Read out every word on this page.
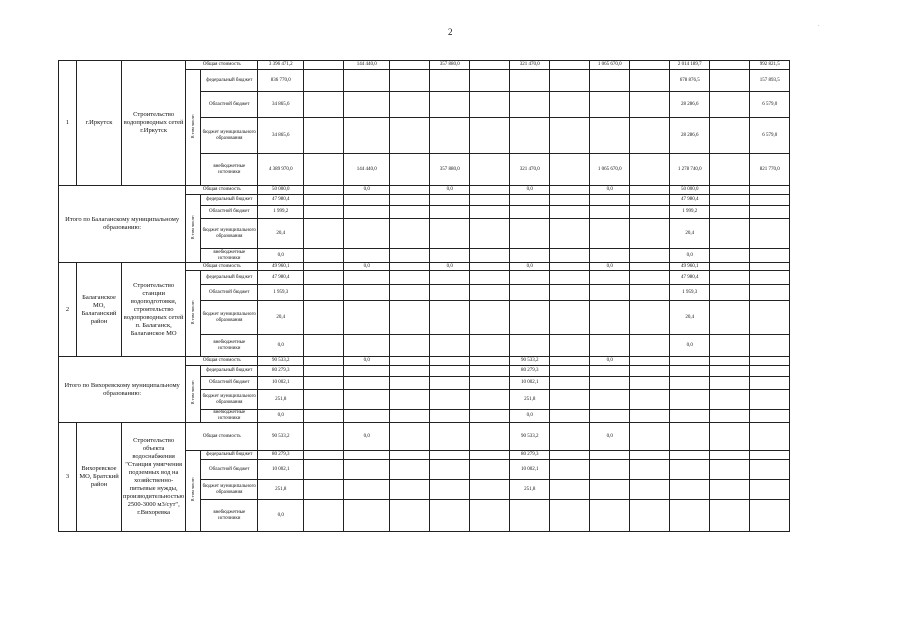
2
.
1	г.Иркутск	Строительство водопроводных сетей г.Иркутск	Общая стоимость		3 396 471,2		144 440,0		357 880,0		321 470,0		1 065 670,0		2 014 189,7		992 821,5
			В том числе:	федеральный бюджет	836 770,0										678 876,5		157 893,5
				Областной бюджет	34 865,6										28 286,6		6 579,0
				бюджет муниципального образования	34 865,6										28 286,6		6 579,0
				внебюджетные источники	4 389 970,0		144 440,0		357 880,0		321 470,0		1 065 670,0		1 278 740,0		821 770,0
Итого по Балаганскому муниципальному образованию:			Общая стоимость		50 000,0		0,0		0,0		0,0		0,0		50 000,0		
			В том числе:	федеральный бюджет	47 980,4										47 980,4		
				Областной бюджет	1 999,2										1 999,2		
				бюджет муниципального образования	20,4										20,4		
				внебюджетные источники	0,0										0,0		
2	Балаганское МО, Балаганский район	Строительство станции водоподготовки, строительство водопроводных сетей п. Балаганск, Балаганское МО	Общая стоимость		49 960,1		0,0		0,0		0,0		0,0		49 960,1		
			В том числе:	федеральный бюджет	47 980,4										47 980,4		
				Областной бюджет	1 959,3										1 959,3		
				бюджет муниципального образования	20,4										20,4		
				внебюджетные источники	0,0										0,0		
Итого по Вихоревскому муниципальному образованию:			Общая стоимость		90 533,2		0,0				90 533,2		0,0				
			В том числе:	федеральный бюджет	80 279,3						80 279,3						
				Областной бюджет	10 002,1						10 002,1						
				бюджет муниципального образования	251,8						251,8						
				внебюджетные источники	0,0						0,0						
3	Вихоревское МО, Братский район	Строительство объекта водоснабжения "Станция умягчения подземных вод на хозяйственно-питьевые нужды, производительностью 2500-3000 м3/сут", г.Вихоревка	Общая стоимость		90 533,2		0,0				90 533,2		0,0				
			В том числе:	федеральный бюджет	80 279,3						80 279,3						
				Областной бюджет	10 002,1						10 002,1						
				бюджет муниципального образования	251,8						251,8						
				внебюджетные источники	0,0												
